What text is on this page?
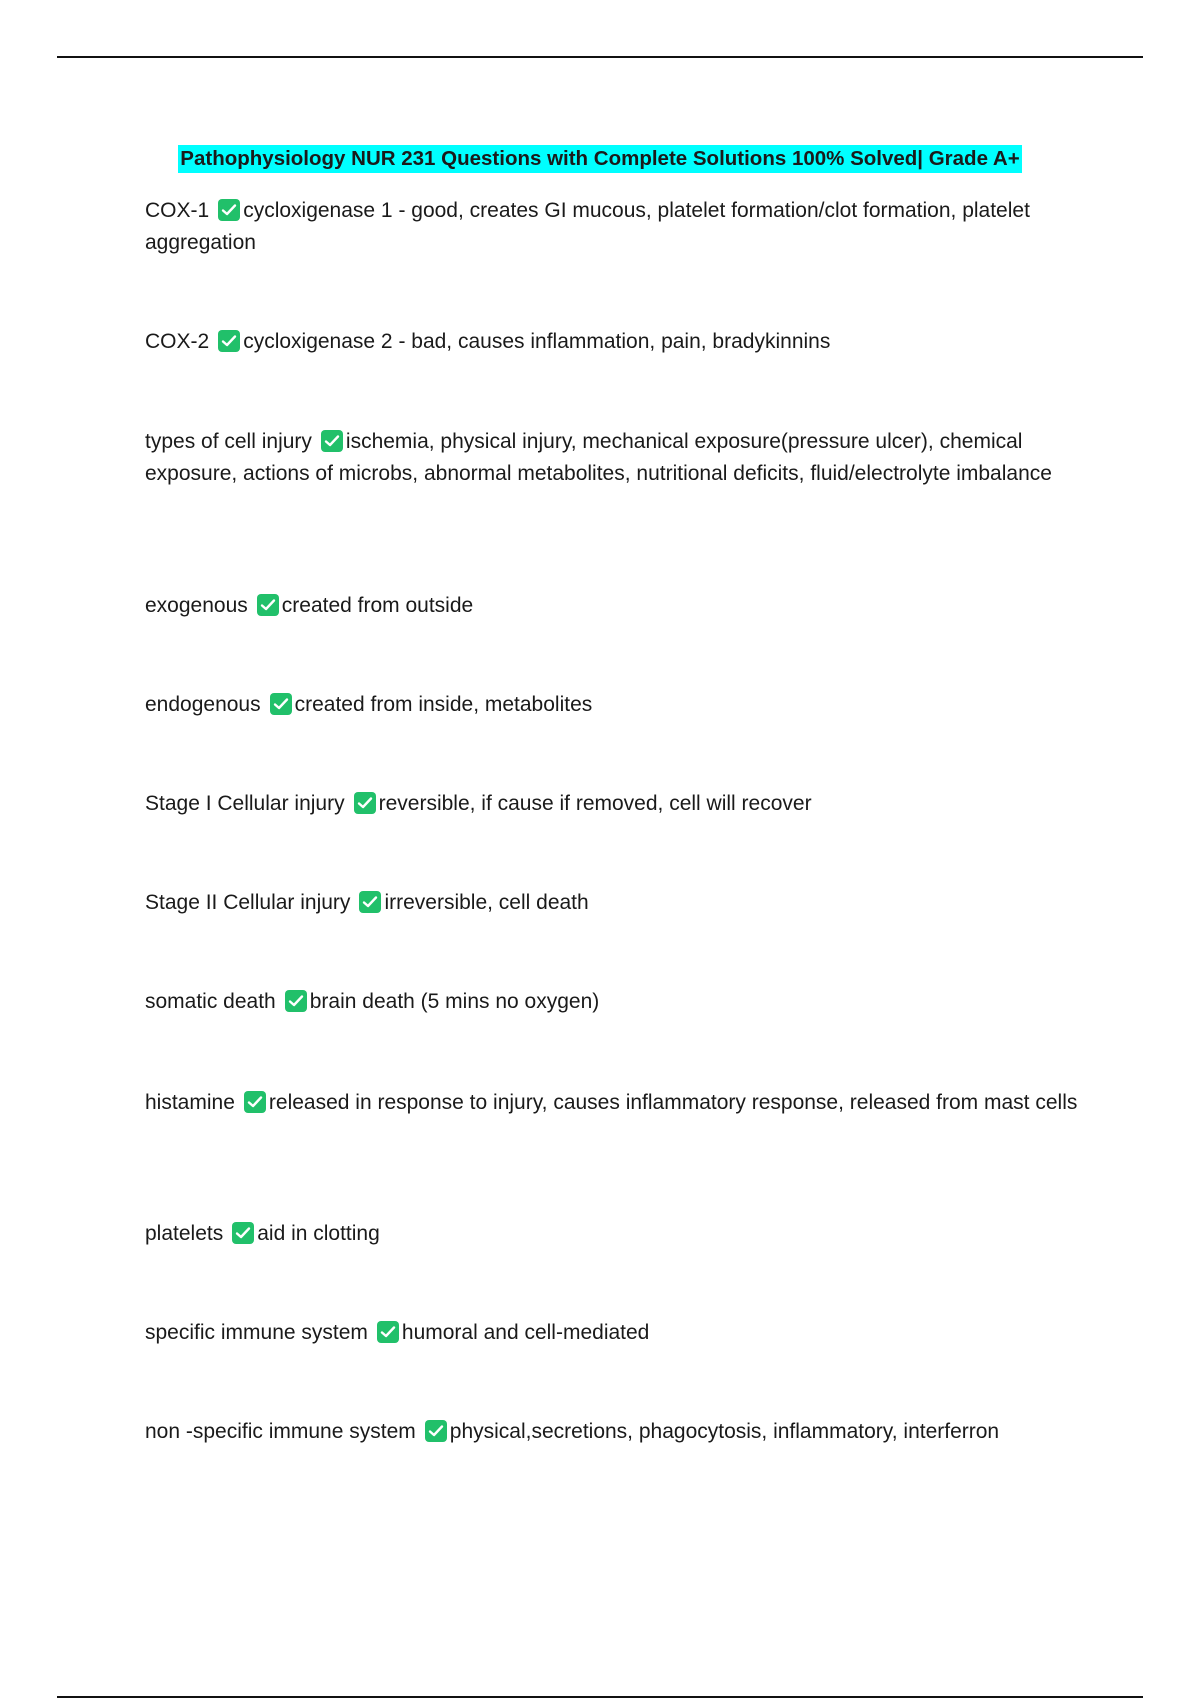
Pathophysiology NUR 231 Questions with Complete Solutions 100% Solved| Grade A+
COX-1 cycloxigenase 1 - good, creates GI mucous, platelet formation/clot formation, platelet aggregation
COX-2 cycloxigenase 2 - bad, causes inflammation, pain, bradykinnins
types of cell injury ischemia, physical injury, mechanical exposure(pressure ulcer), chemical exposure, actions of microbs, abnormal metabolites, nutritional deficits, fluid/electrolyte imbalance
exogenous created from outside
endogenous created from inside, metabolites
Stage I Cellular injury reversible, if cause if removed, cell will recover
Stage II Cellular injury irreversible, cell death
somatic death brain death (5 mins no oxygen)
histamine released in response to injury, causes inflammatory response, released from mast cells
platelets aid in clotting
specific immune system humoral and cell-mediated
non -specific immune system physical,secretions, phagocytosis, inflammatory, interferron
